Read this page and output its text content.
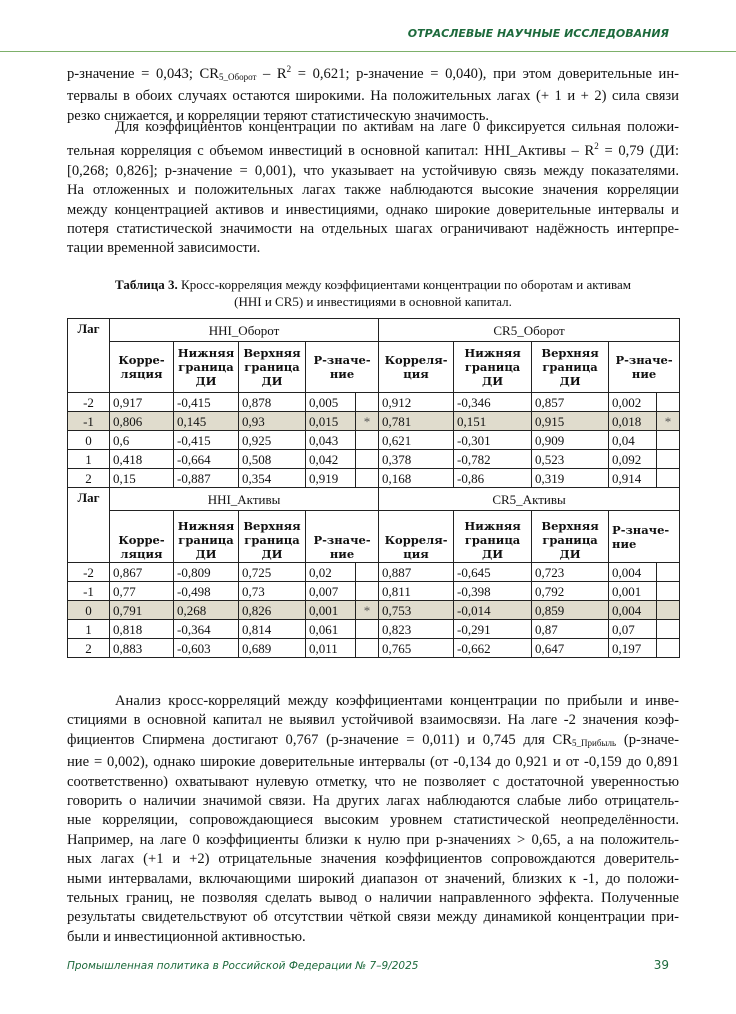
ОТРАСЛЕВЫЕ НАУЧНЫЕ ИССЛЕДОВАНИЯ
р-значение = 0,043; $CR_{5\_Оборот} - R^2 = 0,621$; р-значение = 0,040), при этом доверительные ин-
тервалы в обоих случаях остаются широкими. На положительных лагах (+ 1 и + 2) сила связи
резко снижается, и корреляции теряют статистическую значимость.
Для коэффициентов концентрации по активам на лаге 0 фиксируется сильная положи-
тельная корреляция с объемом инвестиций в основной капитал: HHI_Активы – $R^2 = 0,79$ (ДИ:
[0,268; 0,826]; р-значение = 0,001), что указывает на устойчивую связь между показателями.
На отложенных и положительных лагах также наблюдаются высокие значения корреляции
между концентрацией активов и инвестициями, однако широкие доверительные интервалы и
потеря статистической значимости на отдельных шагах ограничивают надёжность интерпре-
тации временной зависимости.
Таблица 3. Кросс-корреляция между коэффициентами концентрации по оборотам и активам
(HHI и CR5) и инвестициями в основной капитал.
Лаг	HHI_Оборот					CR5_Оборот				
	Корре-ляция	Нижняя граница ДИ	Верхняя граница ДИ	Р-значе-ние		Корреля-ция	Нижняя граница ДИ	Верхняя граница ДИ	Р-значе-ние	
-2	0,917	-0,415	0,878	0,005		0,912	-0,346	0,857	0,002	
-1	0,806	0,145	0,93	0,015	*	0,781	0,151	0,915	0,018	*
0	0,6	-0,415	0,925	0,043		0,621	-0,301	0,909	0,04	
1	0,418	-0,664	0,508	0,042		0,378	-0,782	0,523	0,092	
2	0,15	-0,887	0,354	0,919		0,168	-0,86	0,319	0,914	
Лаг	HHI_Активы					CR5_Активы				
	Корре-ляция	Нижняя граница ДИ	Верхняя граница ДИ	Р-значе-ние		Корреля-ция	Нижняя граница ДИ	Верхняя граница ДИ	Р-значе-ние	
-2	0,867	-0,809	0,725	0,02		0,887	-0,645	0,723	0,004	
-1	0,77	-0,498	0,73	0,007		0,811	-0,398	0,792	0,001	
0	0,791	0,268	0,826	0,001	*	0,753	-0,014	0,859	0,004	
1	0,818	-0,364	0,814	0,061		0,823	-0,291	0,87	0,07	
2	0,883	-0,603	0,689	0,011		0,765	-0,662	0,647	0,197	
Анализ кросс-корреляций между коэффициентами концентрации по прибыли и инве-
стициями в основной капитал не выявил устойчивой взаимосвязи. На лаге -2 значения коэф-
фициентов Спирмена достигают 0,767 (р-значение = 0,011) и 0,745 для $CR_{5\_Прибыль}$ (р-значе-
ние = 0,002), однако широкие доверительные интервалы (от -0,134 до 0,921 и от -0,159 до 0,891
соответственно) охватывают нулевую отметку, что не позволяет с достаточной уверенностью
говорить о наличии значимой связи. На других лагах наблюдаются слабые либо отрицатель-
ные корреляции, сопровождающиеся высоким уровнем статистической неопределённости.
Например, на лаге 0 коэффициенты близки к нулю при р-значениях > 0,65, а на положитель-
ных лагах (+1 и +2) отрицательные значения коэффициентов сопровождаются доверитель-
ными интервалами, включающими широкий диапазон от значений, близких к -1, до положи-
тельных границ, не позволяя сделать вывод о наличии направленного эффекта. Полученные
результаты свидетельствуют об отсутствии чёткой связи между динамикой концентрации при-
были и инвестиционной активностью.
Промышленная политика в Российской Федерации № 7–9/2025	39
